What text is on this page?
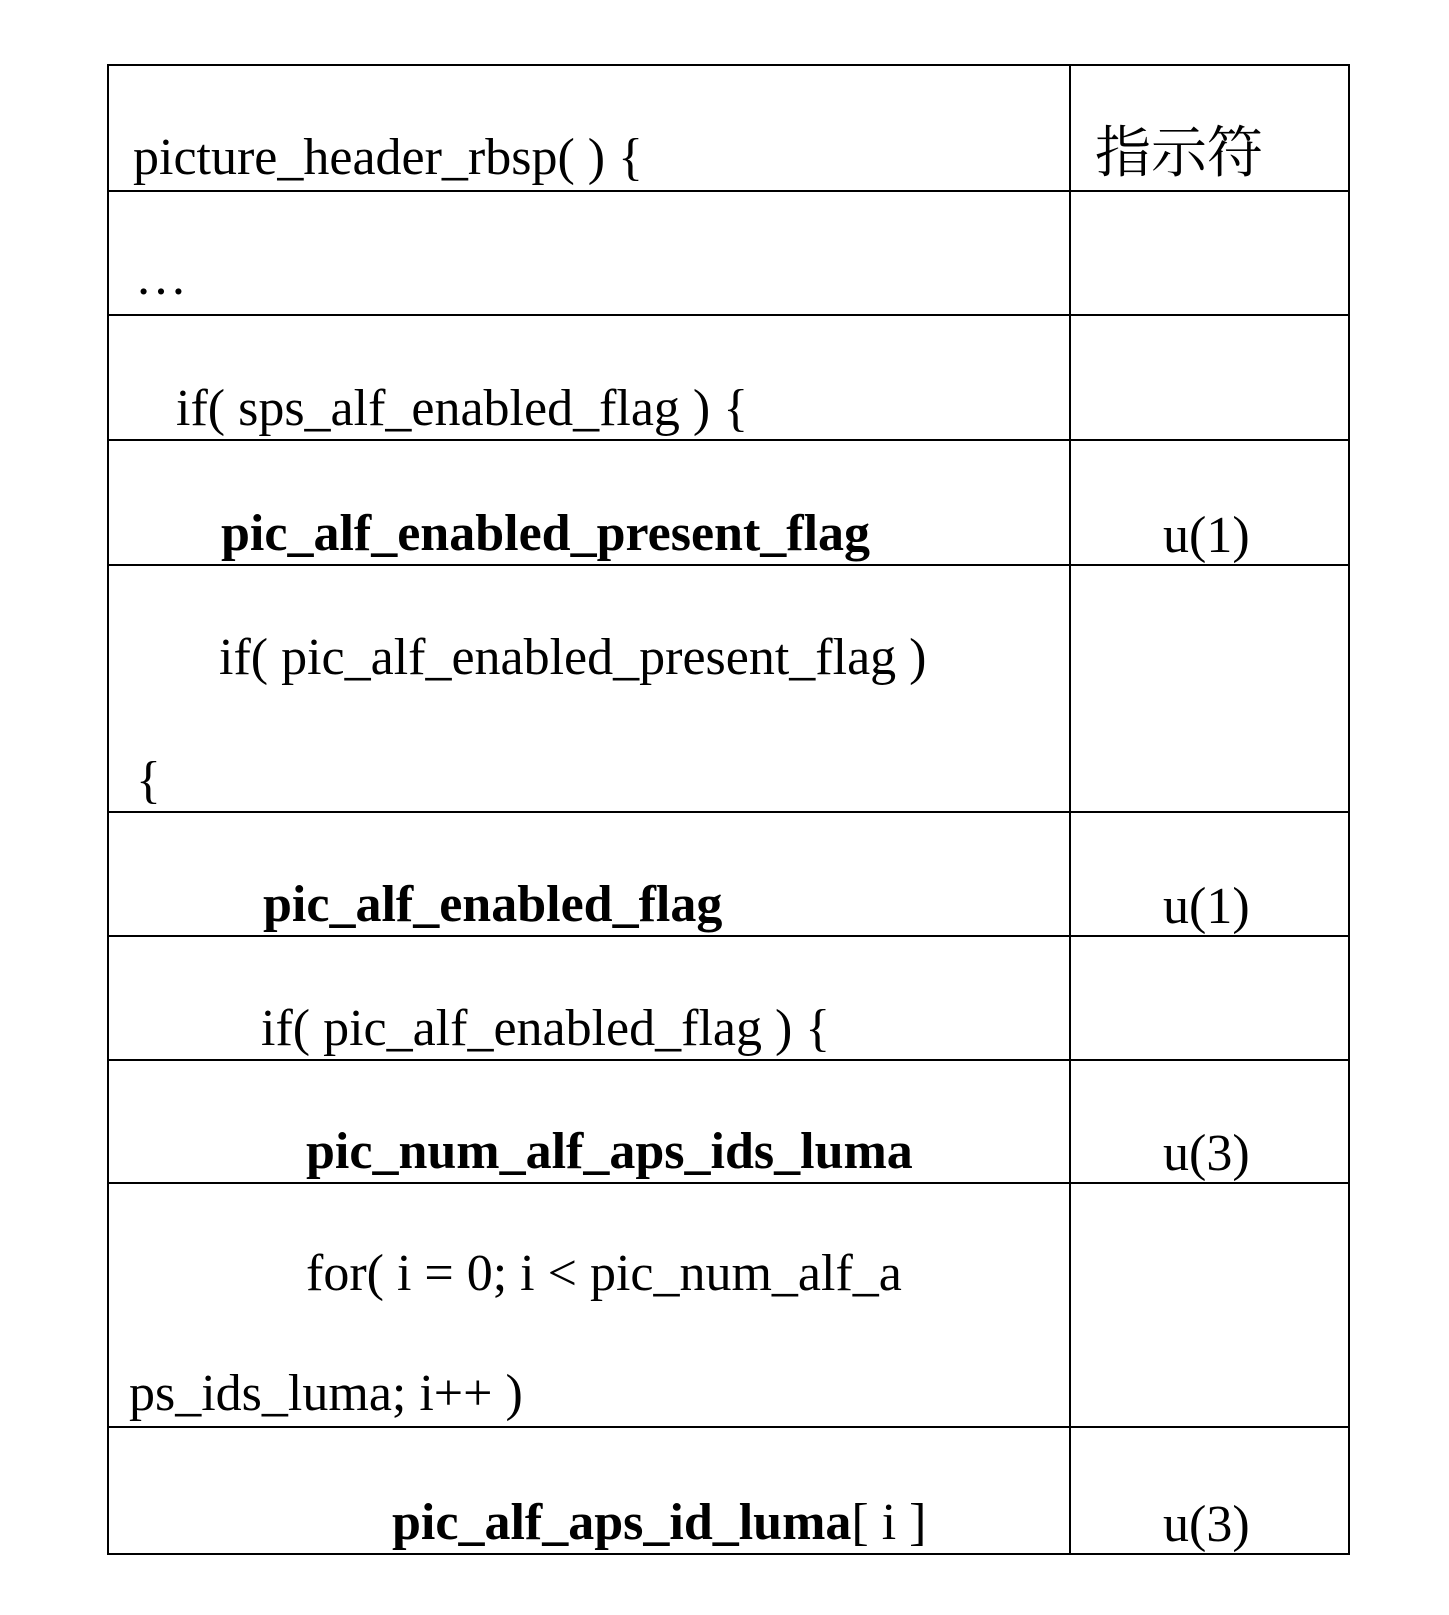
picture_header_rbsp( ) {	指示符
…
if( sps_alf_enabled_flag ) {
pic_alf_enabled_present_flag	u(1)
if( pic_alf_enabled_present_flag )
{
pic_alf_enabled_flag	u(1)
if( pic_alf_enabled_flag ) {
pic_num_alf_aps_ids_luma	u(3)
for( i = 0; i < pic_num_alf_a
ps_ids_luma; i++ )
pic_alf_aps_id_luma[ i ]	u(3)
